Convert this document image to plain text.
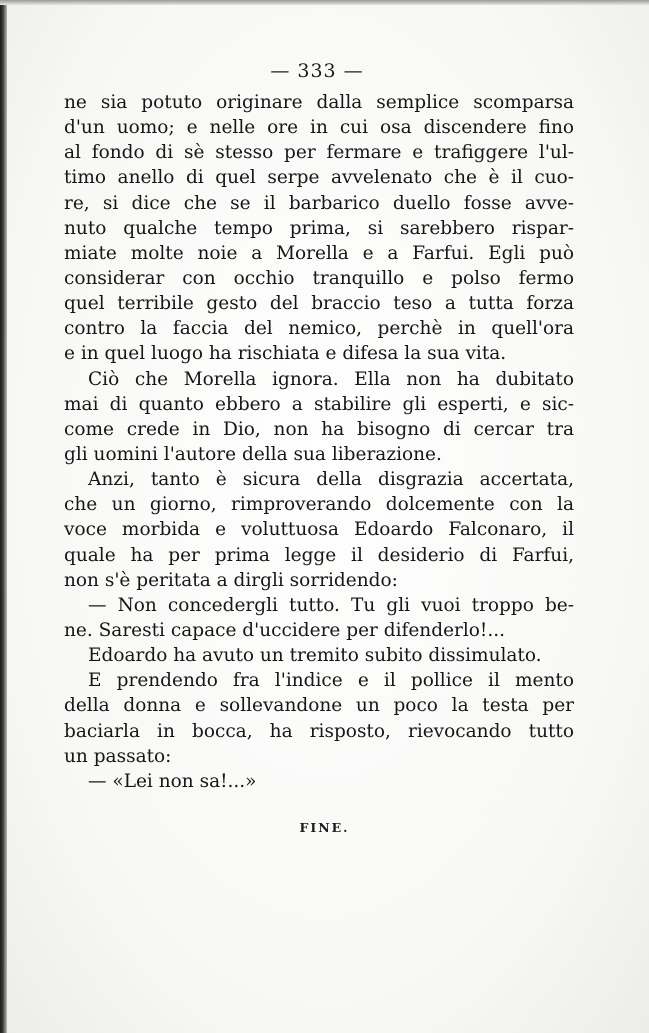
— 333 —
ne sia potuto originare dalla semplice scomparsa
d'un uomo; e nelle ore in cui osa discendere fino
al fondo di sè stesso per fermare e trafiggere l'ul-
timo anello di quel serpe avvelenato che è il cuo-
re, si dice che se il barbarico duello fosse avve-
nuto qualche tempo prima, si sarebbero rispar-
miate molte noie a Morella e a Farfui. Egli può
considerar con occhio tranquillo e polso fermo
quel terribile gesto del braccio teso a tutta forza
contro la faccia del nemico, perchè in quell'ora
e in quel luogo ha rischiata e difesa la sua vita.
Ciò che Morella ignora. Ella non ha dubitato
mai di quanto ebbero a stabilire gli esperti, e sic-
come crede in Dio, non ha bisogno di cercar tra
gli uomini l'autore della sua liberazione.
Anzi, tanto è sicura della disgrazia accertata,
che un giorno, rimproverando dolcemente con la
voce morbida e voluttuosa Edoardo Falconaro, il
quale ha per prima legge il desiderio di Farfui,
non s'è peritata a dirgli sorridendo:
— Non concedergli tutto. Tu gli vuoi troppo be-
ne. Saresti capace d'uccidere per difenderlo!...
Edoardo ha avuto un tremito subito dissimulato.
E prendendo fra l'indice e il pollice il mento
della donna e sollevandone un poco la testa per
baciarla in bocca, ha risposto, rievocando tutto
un passato:
— «Lei non sa!...»
FINE.
